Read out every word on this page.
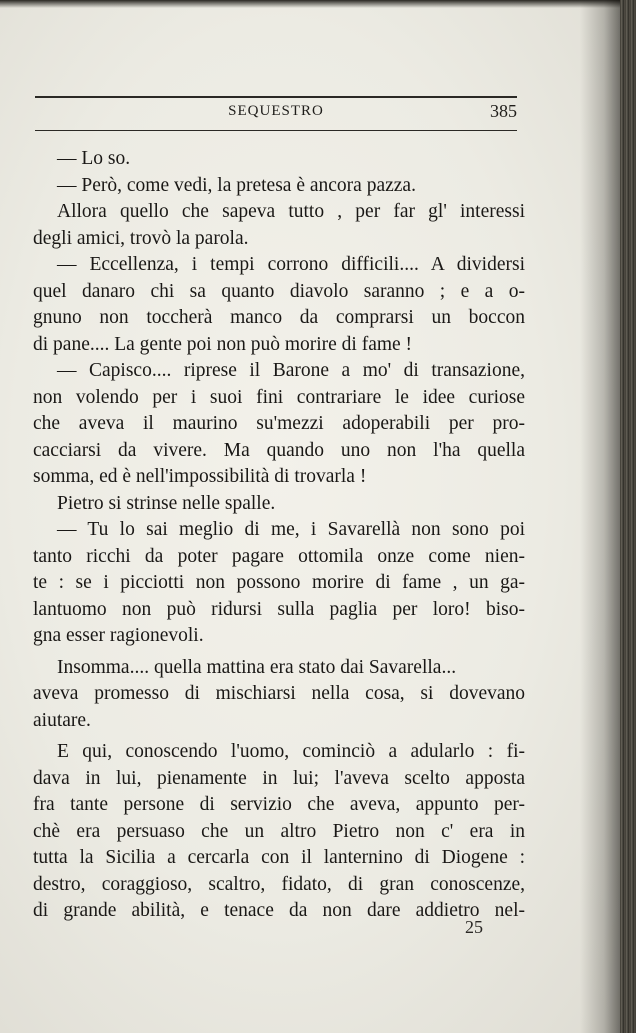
SEQUESTRO	385
— Lo so.
— Però, come vedi, la pretesa è ancora pazza.
Allora quello che sapeva tutto , per far gl' interessi
degli amici, trovò la parola.
— Eccellenza, i tempi corrono difficili.... A dividersi
quel danaro chi sa quanto diavolo saranno ; e a o-
gnuno non toccherà manco da comprarsi un boccon
di pane.... La gente poi non può morire di fame !
— Capisco.... riprese il Barone a mo' di transazione,
non volendo per i suoi fini contrariare le idee curiose
che aveva il maurino su'mezzi adoperabili per pro-
cacciarsi da vivere. Ma quando uno non l'ha quella
somma, ed è nell'impossibilità di trovarla !
Pietro si strinse nelle spalle.
— Tu lo sai meglio di me, i Savarellà non sono poi
tanto ricchi da poter pagare ottomila onze come nien-
te : se i picciotti non possono morire di fame , un ga-
lantuomo non può ridursi sulla paglia per loro! biso-
gna esser ragionevoli.
Insomma.... quella mattina era stato dai Savarella...
aveva promesso di mischiarsi nella cosa, si dovevano
aiutare.
E qui, conoscendo l'uomo, cominciò a adularlo : fi-
dava in lui, pienamente in lui; l'aveva scelto apposta
fra tante persone di servizio che aveva, appunto per-
chè era persuaso che un altro Pietro non c' era in
tutta la Sicilia a cercarla con il lanternino di Diogene :
destro, coraggioso, scaltro, fidato, di gran conoscenze,
di grande abilità, e tenace da non dare addietro nel-
25
